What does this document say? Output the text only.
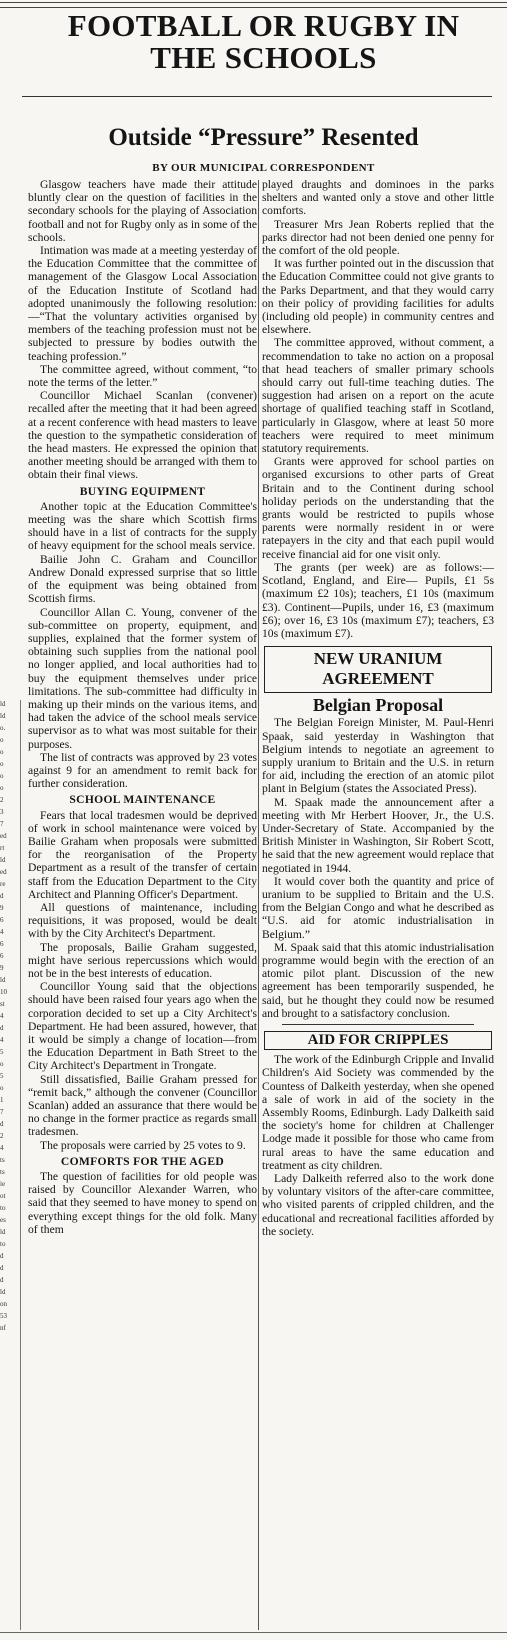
ld
ld
o.
o
o
o
o
o
2
3
7
ed
rt
ld
ed
re
d
9
6
4
6
6
9
ld
10
st
4
d
4
5
o
5
o
1
7
d
2
4
ts
ts
ie
ot
to
es
ld
to
d
d
d
ld
on
53
nf
FOOTBALL OR RUGBY IN
THE SCHOOLS
Outside “Pressure” Resented
BY OUR MUNICIPAL CORRESPONDENT

Glasgow teachers have made their attitude bluntly clear on the question of facilities in the secondary schools for the playing of Association football and not for Rugby only as in some of the schools.

Intimation was made at a meeting yesterday of the Education Committee that the committee of management of the Glasgow Local Association of the Education Institute of Scotland had adopted unanimously the following resolution:—“That the voluntary activities organised by members of the teaching profession must not be subjected to pressure by bodies outwith the teaching profession.”

The committee agreed, without comment, “to note the terms of the letter.”

Councillor Michael Scanlan (convener) recalled after the meeting that it had been agreed at a recent conference with head masters to leave the question to the sympathetic consideration of the head masters. He expressed the opinion that another meeting should be arranged with them to obtain their final views.

BUYING EQUIPMENT

Another topic at the Education Committee's meeting was the share which Scottish firms should have in a list of contracts for the supply of heavy equipment for the school meals service.

Bailie John C. Graham and Councillor Andrew Donald expressed surprise that so little of the equipment was being obtained from Scottish firms.

Councillor Allan C. Young, convener of the sub-committee on property, equipment, and supplies, explained that the former system of obtaining such supplies from the national pool no longer applied, and local authorities had to buy the equipment themselves under price limitations. The sub-committee had difficulty in making up their minds on the various items, and had taken the advice of the school meals service supervisor as to what was most suitable for their purposes.

The list of contracts was approved by 23 votes against 9 for an amendment to remit back for further consideration.

SCHOOL MAINTENANCE

Fears that local tradesmen would be deprived of work in school maintenance were voiced by Bailie Graham when proposals were submitted for the reorganisation of the Property Department as a result of the transfer of certain staff from the Education Department to the City Architect and Planning Officer's Department.

All questions of maintenance, including requisitions, it was proposed, would be dealt with by the City Architect's Department.

The proposals, Bailie Graham suggested, might have serious repercussions which would not be in the best interests of education.

Councillor Young said that the objections should have been raised four years ago when the corporation decided to set up a City Architect's Department. He had been assured, however, that it would be simply a change of location—from the Education Department in Bath Street to the City Architect's Department in Trongate.

Still dissatisfied, Bailie Graham pressed for “remit back,” although the convener (Councillor Scanlan) added an assurance that there would be no change in the former practice as regards small tradesmen.

The proposals were carried by 25 votes to 9.

COMFORTS FOR THE AGED

The question of facilities for old people was raised by Councillor Alexander Warren, who said that they seemed to have money to spend on everything except things for the old folk. Many of them

played draughts and dominoes in the parks shelters and wanted only a stove and other little comforts.

Treasurer Mrs Jean Roberts replied that the parks director had not been denied one penny for the comfort of the old people.

It was further pointed out in the discussion that the Education Committee could not give grants to the Parks Department, and that they would carry on their policy of providing facilities for adults (including old people) in community centres and elsewhere.

The committee approved, without comment, a recommendation to take no action on a proposal that head teachers of smaller primary schools should carry out full-time teaching duties. The suggestion had arisen on a report on the acute shortage of qualified teaching staff in Scotland, particularly in Glasgow, where at least 50 more teachers were required to meet minimum statutory requirements.

Grants were approved for school parties on organised excursions to other parts of Great Britain and to the Continent during school holiday periods on the understanding that the grants would be restricted to pupils whose parents were normally resident in or were ratepayers in the city and that each pupil would receive financial aid for one visit only.

The grants (per week) are as follows:—Scotland, England, and Eire— Pupils, £1 5s (maximum £2 10s); teachers, £1 10s (maximum £3). Continent—Pupils, under 16, £3 (maximum £6); over 16, £3 10s (maximum £7); teachers, £3 10s (maximum £7).

NEW URANIUM
AGREEMENT
Belgian Proposal

The Belgian Foreign Minister, M. Paul-Henri Spaak, said yesterday in Washington that Belgium intends to negotiate an agreement to supply uranium to Britain and the U.S. in return for aid, including the erection of an atomic pilot plant in Belgium (states the Associated Press).

M. Spaak made the announcement after a meeting with Mr Herbert Hoover, Jr., the U.S. Under-Secretary of State. Accompanied by the British Minister in Washington, Sir Robert Scott, he said that the new agreement would replace that negotiated in 1944.

It would cover both the quantity and price of uranium to be supplied to Britain and the U.S. from the Belgian Congo and what he described as “U.S. aid for atomic industrialisation in Belgium.”

M. Spaak said that this atomic industrialisation programme would begin with the erection of an atomic pilot plant. Discussion of the new agreement has been temporarily suspended, he said, but he thought they could now be resumed and brought to a satisfactory conclusion.

AID FOR CRIPPLES

The work of the Edinburgh Cripple and Invalid Children's Aid Society was commended by the Countess of Dalkeith yesterday, when she opened a sale of work in aid of the society in the Assembly Rooms, Edinburgh. Lady Dalkeith said the society's home for children at Challenger Lodge made it possible for those who came from rural areas to have the same education and treatment as city children.

Lady Dalkeith referred also to the work done by voluntary visitors of the after-care committee, who visited parents of crippled children, and the educational and recreational facilities afforded by the society.
